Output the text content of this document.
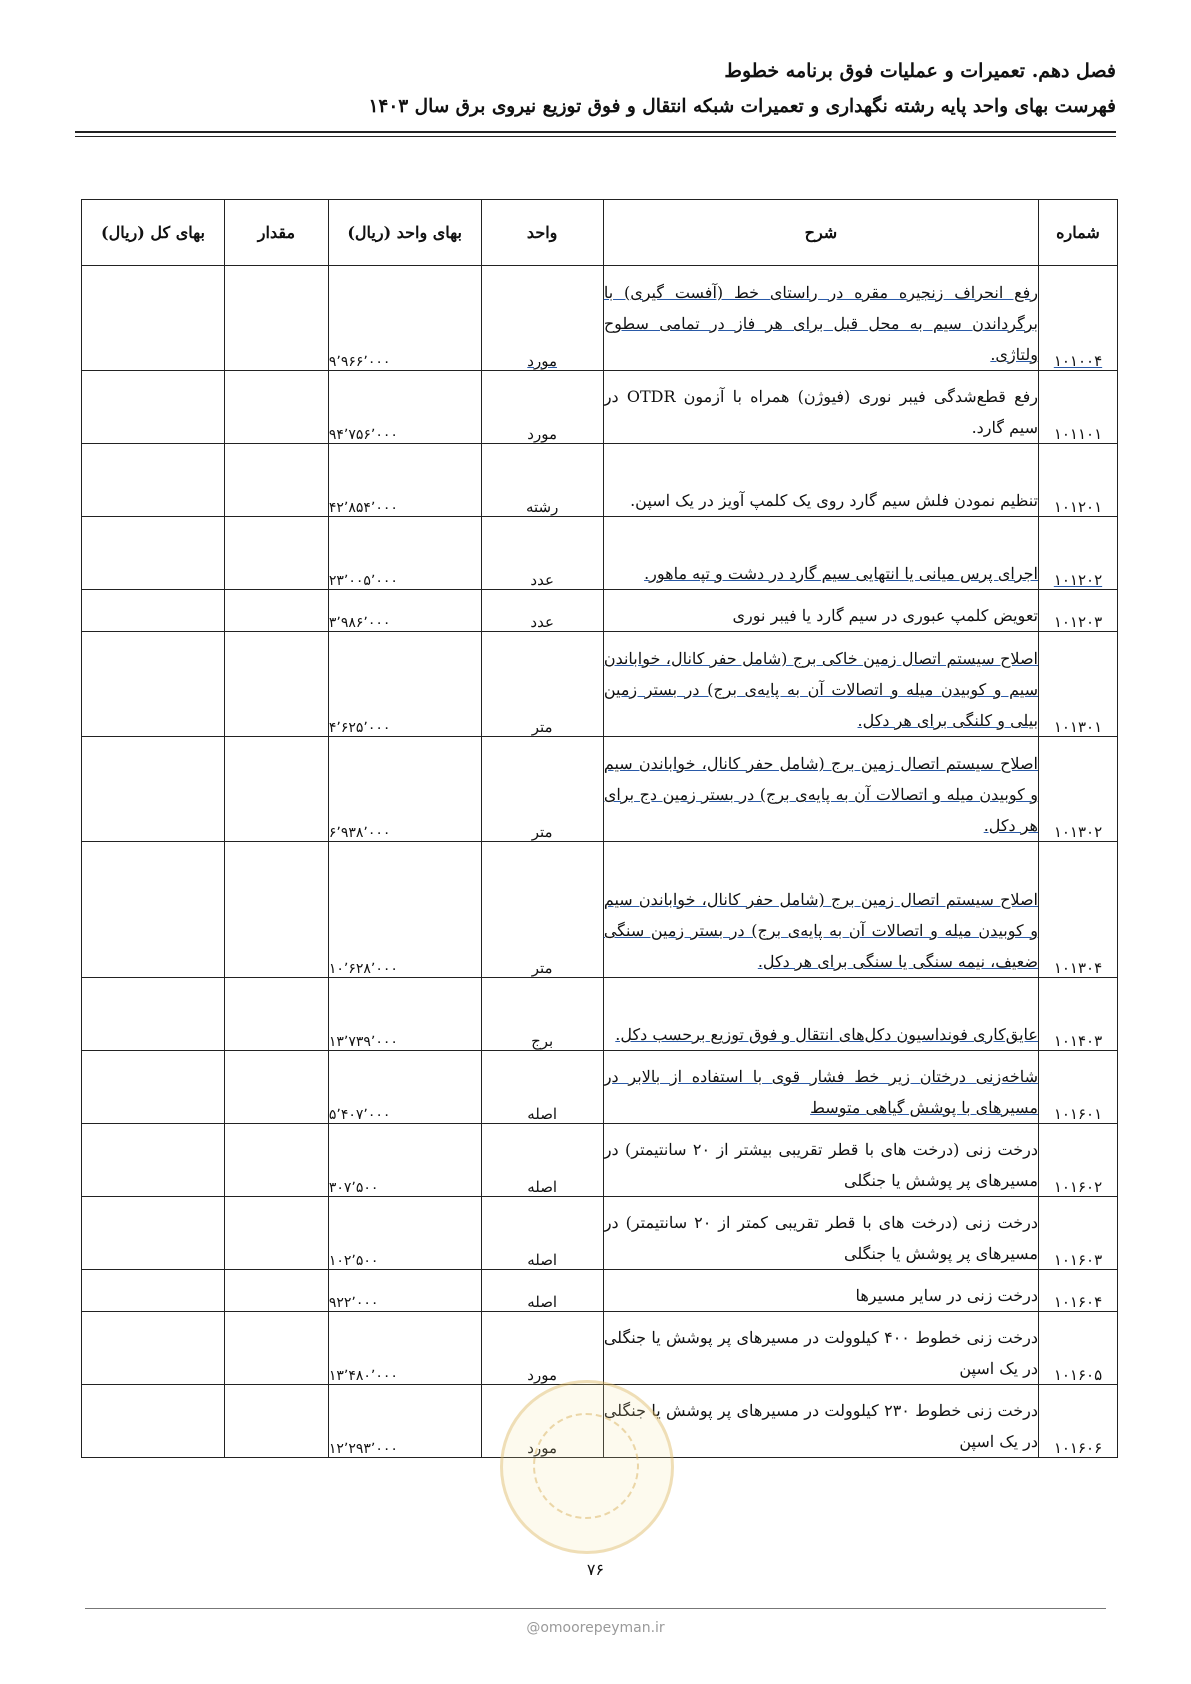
فصل دهم. تعمیرات و عملیات فوق برنامه خطوط
فهرست بهای واحد پایه رشته نگهداری و تعمیرات شبکه انتقال و فوق توزیع نیروی برق سال ۱۴۰۳
شماره	شرح	واحد	بهای واحد (ریال)	مقدار	بهای کل (ریال)
۱۰۱۰۰۴	رفع انحراف زنجیره مقره در راستای خط (آفست گیری) با برگرداندن سیم به محل قبل برای هر فاز در تمامی سطوح ولتاژی.	مورد	۹٬۹۶۶٬۰۰۰		
۱۰۱۱۰۱	رفع قطع‌شدگی فیبر نوری (فیوژن) همراه با آزمون OTDR در سیم گارد.	مورد	۹۴٬۷۵۶٬۰۰۰		
۱۰۱۲۰۱	تنظیم نمودن فلش سیم گارد روی یک کلمپ آویز در یک اسپن.	رشته	۴۲٬۸۵۴٬۰۰۰		
۱۰۱۲۰۲	اجرای پرس میانی یا انتهایی سیم گارد در دشت و تپه ماهور.	عدد	۲۳٬۰۰۵٬۰۰۰		
۱۰۱۲۰۳	تعویض کلمپ عبوری در سیم گارد یا فیبر نوری	عدد	۳٬۹۸۶٬۰۰۰		
۱۰۱۳۰۱	اصلاح سیستم اتصال زمین خاکی برج (شامل حفر کانال، خواباندن سیم و کوبیدن میله و اتصالات آن به پایه‌ی برج) در بستر زمین بیلی و کلنگی برای هر دکل.	متر	۴٬۶۲۵٬۰۰۰		
۱۰۱۳۰۲	اصلاح سیستم اتصال زمین برج (شامل حفر کانال، خواباندن سیم و کوبیدن میله و اتصالات آن به پایه‌ی برج) در بستر زمین دج برای هر دکل.	متر	۶٬۹۳۸٬۰۰۰		
۱۰۱۳۰۴	اصلاح سیستم اتصال زمین برج (شامل حفر کانال، خواباندن سیم و کوبیدن میله و اتصالات آن به پایه‌ی برج) در بستر زمین سنگی ضعیف، نیمه سنگی یا سنگی برای هر دکل.	متر	۱۰٬۶۲۸٬۰۰۰		
۱۰۱۴۰۳	عایق‌کاری فونداسیون دکل‌های انتقال و فوق توزیع برحسب دکل.	برج	۱۳٬۷۳۹٬۰۰۰		
۱۰۱۶۰۱	شاخه‌زنی درختان زیر خط فشار قوی با استفاده از بالابر در مسیرهای با پوشش گیاهی متوسط	اصله	۵٬۴۰۷٬۰۰۰		
۱۰۱۶۰۲	درخت زنی (درخت های با قطر تقریبی بیشتر از ۲۰ سانتیمتر) در مسیرهای پر پوشش یا جنگلی	اصله	۳۰۷٬۵۰۰		
۱۰۱۶۰۳	درخت زنی (درخت های با قطر تقریبی کمتر از ۲۰ سانتیمتر) در مسیرهای پر پوشش یا جنگلی	اصله	۱۰۲٬۵۰۰		
۱۰۱۶۰۴	درخت زنی در سایر مسیرها	اصله	۹۲۲٬۰۰۰		
۱۰۱۶۰۵	درخت زنی خطوط ۴۰۰ کیلوولت در مسیرهای پر پوشش یا جنگلی در یک اسپن	مورد	۱۳٬۴۸۰٬۰۰۰		
۱۰۱۶۰۶	درخت زنی خطوط ۲۳۰ کیلوولت در مسیرهای پر پوشش یا جنگلی در یک اسپن	مورد	۱۲٬۲۹۳٬۰۰۰		
۷۶
@omoorepeyman.ir
